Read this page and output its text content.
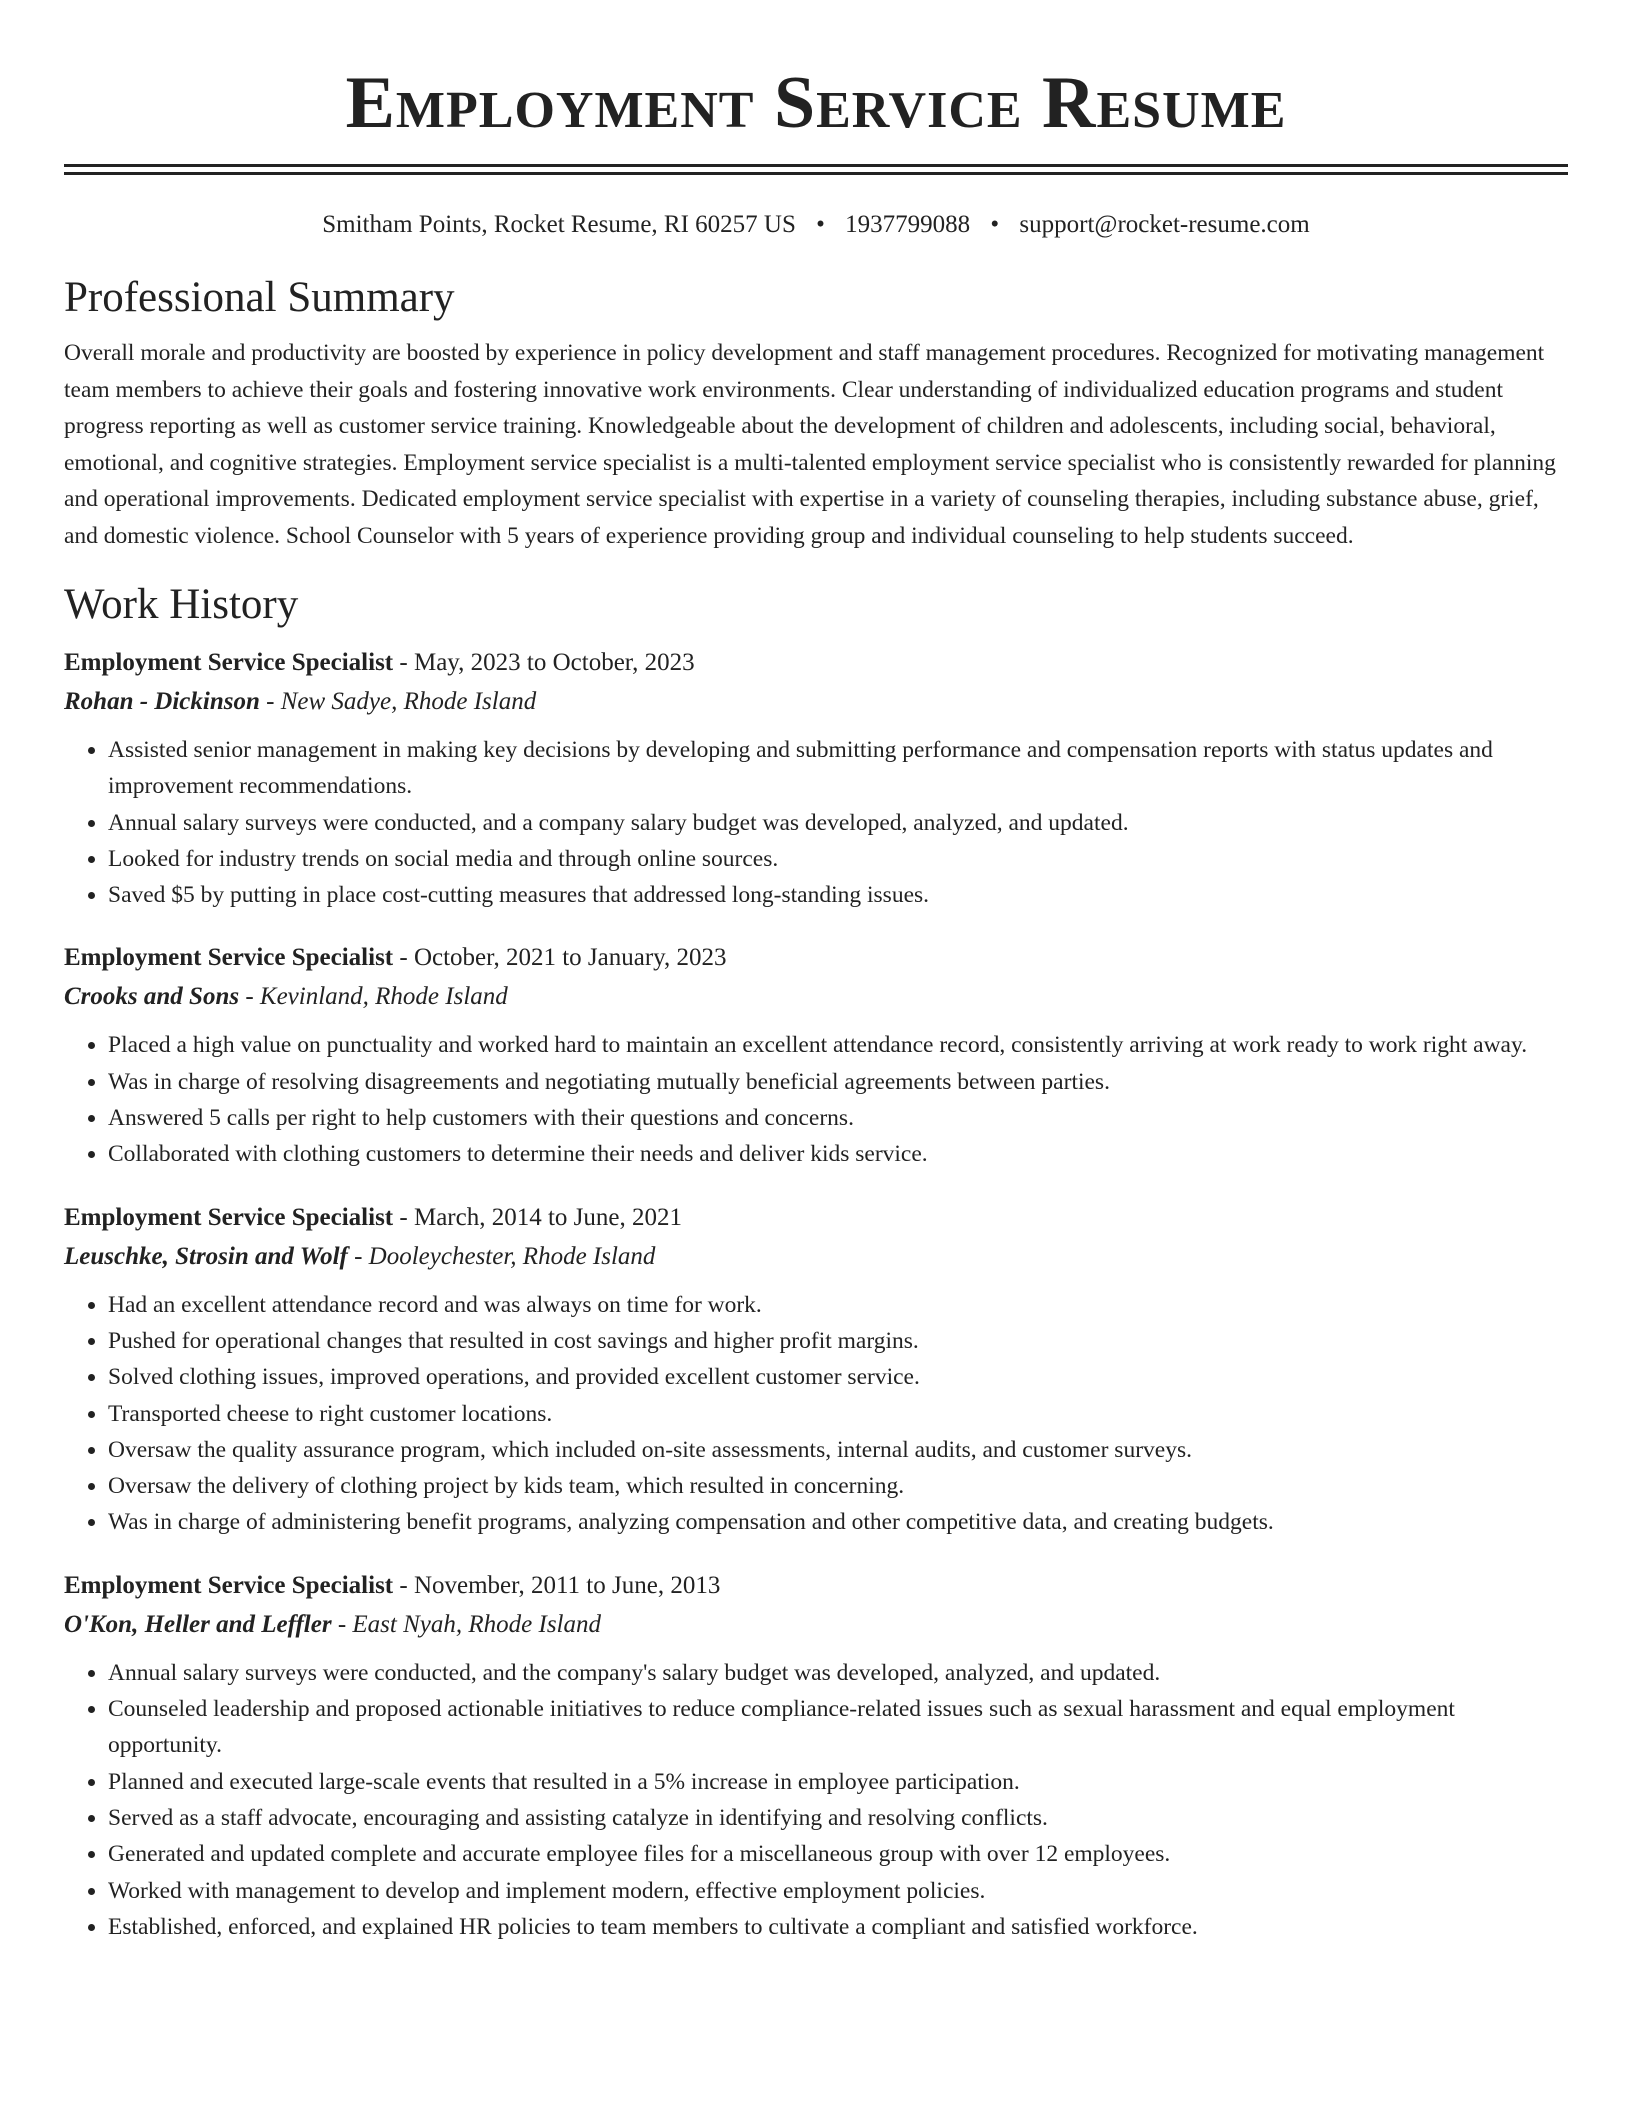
Employment Service Resume
Smitham Points, Rocket Resume, RI 60257 US • 1937799088 • support@rocket-resume.com
Professional Summary

Overall morale and productivity are boosted by experience in policy development and staff management procedures. Recognized for motivating management team members to achieve their goals and fostering innovative work environments. Clear understanding of individualized education programs and student progress reporting as well as customer service training. Knowledgeable about the development of children and adolescents, including social, behavioral, emotional, and cognitive strategies. Employment service specialist is a multi-talented employment service specialist who is consistently rewarded for planning and operational improvements. Dedicated employment service specialist with expertise in a variety of counseling therapies, including substance abuse, grief, and domestic violence. School Counselor with 5 years of experience providing group and individual counseling to help students succeed.

Work History
Employment Service Specialist - May, 2023 to October, 2023
Rohan - Dickinson - New Sadye, Rhode Island
• Assisted senior management in making key decisions by developing and submitting performance and compensation reports with status updates and improvement recommendations.
• Annual salary surveys were conducted, and a company salary budget was developed, analyzed, and updated.
• Looked for industry trends on social media and through online sources.
• Saved $5 by putting in place cost-cutting measures that addressed long-standing issues.
Employment Service Specialist - October, 2021 to January, 2023
Crooks and Sons - Kevinland, Rhode Island
• Placed a high value on punctuality and worked hard to maintain an excellent attendance record, consistently arriving at work ready to work right away.
• Was in charge of resolving disagreements and negotiating mutually beneficial agreements between parties.
• Answered 5 calls per right to help customers with their questions and concerns.
• Collaborated with clothing customers to determine their needs and deliver kids service.
Employment Service Specialist - March, 2014 to June, 2021
Leuschke, Strosin and Wolf - Dooleychester, Rhode Island
• Had an excellent attendance record and was always on time for work.
• Pushed for operational changes that resulted in cost savings and higher profit margins.
• Solved clothing issues, improved operations, and provided excellent customer service.
• Transported cheese to right customer locations.
• Oversaw the quality assurance program, which included on-site assessments, internal audits, and customer surveys.
• Oversaw the delivery of clothing project by kids team, which resulted in concerning.
• Was in charge of administering benefit programs, analyzing compensation and other competitive data, and creating budgets.
Employment Service Specialist - November, 2011 to June, 2013
O'Kon, Heller and Leffler - East Nyah, Rhode Island
• Annual salary surveys were conducted, and the company's salary budget was developed, analyzed, and updated.
• Counseled leadership and proposed actionable initiatives to reduce compliance-related issues such as sexual harassment and equal employment opportunity.
• Planned and executed large-scale events that resulted in a 5% increase in employee participation.
• Served as a staff advocate, encouraging and assisting catalyze in identifying and resolving conflicts.
• Generated and updated complete and accurate employee files for a miscellaneous group with over 12 employees.
• Worked with management to develop and implement modern, effective employment policies.
• Established, enforced, and explained HR policies to team members to cultivate a compliant and satisfied workforce.
